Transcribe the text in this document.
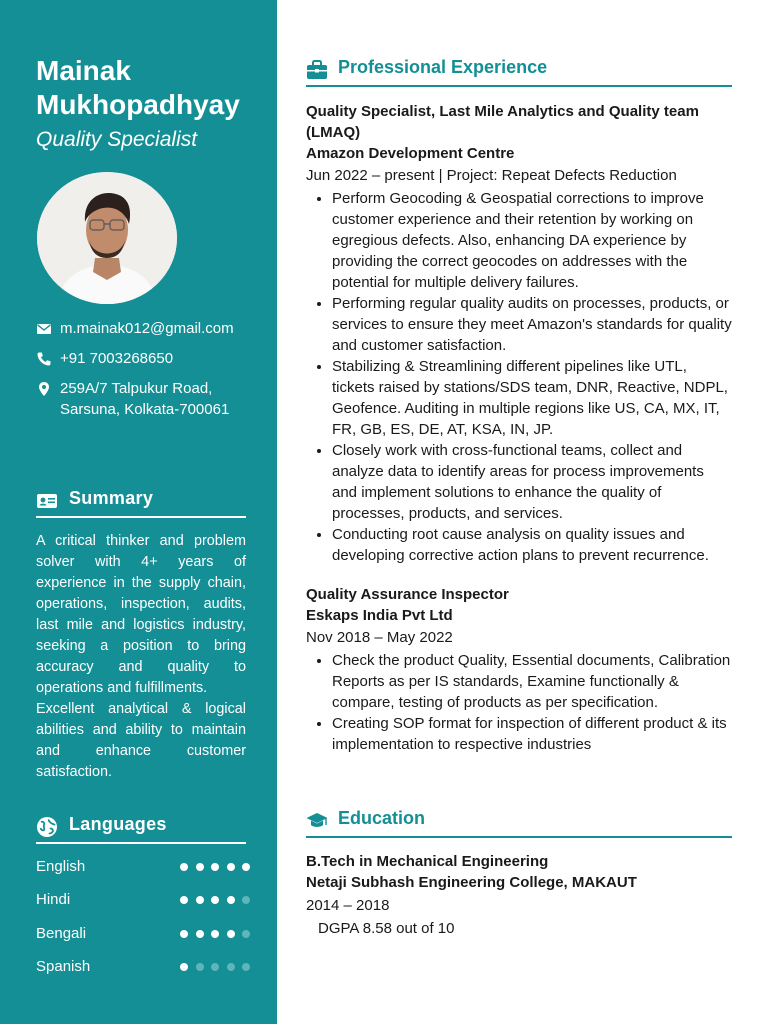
Mainak Mukhopadhyay
Quality Specialist
m.mainak012@gmail.com
+91 7003268650
259A/7 Talpukur Road, Sarsuna, Kolkata-700061
Summary

A critical thinker and problem solver with 4+ years of experience in the supply chain, operations, inspection, audits, last mile and logistics industry, seeking a position to bring accuracy and quality to operations and fulfillments.

Excellent analytical & logical abilities and ability to maintain and enhance customer satisfaction.

Languages
English
Hindi
Bengali
Spanish
Professional Experience
Quality Specialist, Last Mile Analytics and Quality team (LMAQ)
Amazon Development Centre
Jun 2022 – present | Project: Repeat Defects Reduction
• Perform Geocoding & Geospatial corrections to improve customer experience and their retention by working on egregious defects. Also, enhancing DA experience by providing the correct geocodes on addresses with the potential for multiple delivery failures.
• Performing regular quality audits on processes, products, or services to ensure they meet Amazon's standards for quality and customer satisfaction.
• Stabilizing & Streamlining different pipelines like UTL, tickets raised by stations/SDS team, DNR, Reactive, NDPL, Geofence. Auditing in multiple regions like US, CA, MX, IT, FR, GB, ES, DE, AT, KSA, IN, JP.
• Closely work with cross-functional teams, collect and analyze data to identify areas for process improvements and implement solutions to enhance the quality of processes, products, and services.
• Conducting root cause analysis on quality issues and developing corrective action plans to prevent recurrence.
Quality Assurance Inspector
Eskaps India Pvt Ltd
Nov 2018 – May 2022
• Check the product Quality, Essential documents, Calibration Reports as per IS standards, Examine functionally & compare, testing of products as per specification.
• Creating SOP format for inspection of different product & its implementation to respective industries
Education
B.Tech in Mechanical Engineering
Netaji Subhash Engineering College, MAKAUT
2014 – 2018
DGPA 8.58 out of 10
